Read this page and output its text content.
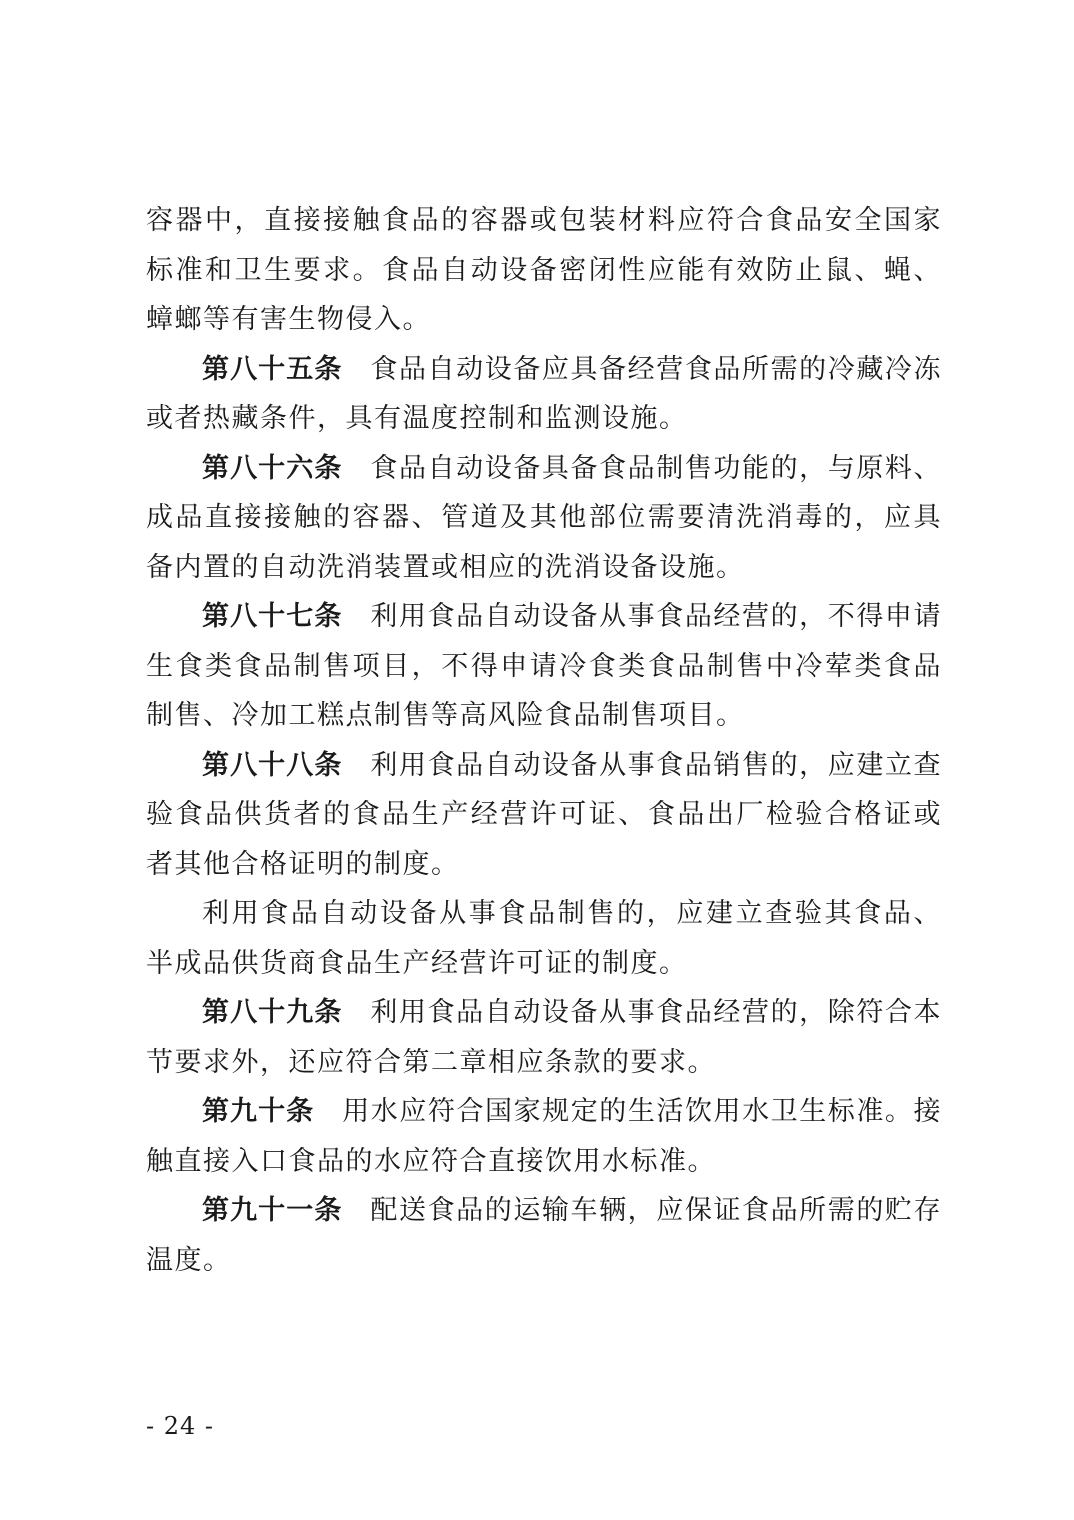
容器中，直接接触食品的容器或包装材料应符合食品安全国家标准和卫生要求。食品自动设备密闭性应能有效防止鼠、蝇、蟑螂等有害生物侵入。

第八十五条 食品自动设备应具备经营食品所需的冷藏冷冻或者热藏条件，具有温度控制和监测设施。

第八十六条 食品自动设备具备食品制售功能的，与原料、成品直接接触的容器、管道及其他部位需要清洗消毒的，应具备内置的自动洗消装置或相应的洗消设备设施。

第八十七条 利用食品自动设备从事食品经营的，不得申请生食类食品制售项目，不得申请冷食类食品制售中冷荤类食品制售、冷加工糕点制售等高风险食品制售项目。

第八十八条 利用食品自动设备从事食品销售的，应建立查验食品供货者的食品生产经营许可证、食品出厂检验合格证或者其他合格证明的制度。

利用食品自动设备从事食品制售的，应建立查验其食品、半成品供货商食品生产经营许可证的制度。

第八十九条 利用食品自动设备从事食品经营的，除符合本节要求外，还应符合第二章相应条款的要求。

第九十条 用水应符合国家规定的生活饮用水卫生标准。接触直接入口食品的水应符合直接饮用水标准。

第九十一条 配送食品的运输车辆，应保证食品所需的贮存温度。

- 24 -
